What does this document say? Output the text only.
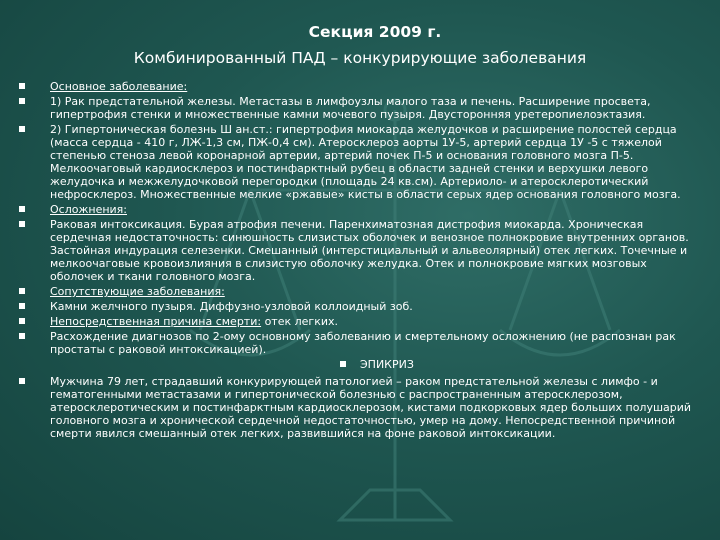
Секция 2009 г.
Комбинированный ПАД – конкурирующие заболевания
Основное заболевание:
1) Рак предстательной железы. Метастазы в лимфоузлы малого таза и печень. Расширение просвета, гипертрофия стенки и множественные камни мочевого пузыря. Двусторонняя уретеропиелоэктазия.
2) Гипертоническая болезнь Ш ан.ст.: гипертрофия миокарда желудочков и расширение полостей сердца (масса сердца - 410 г, ЛЖ-1,3 см, ПЖ-0,4 см). Атеросклероз аорты 1У-5, артерий сердца 1У -5 с тяжелой степенью стеноза левой коронарной артерии, артерий почек П-5 и основания головного мозга П-5. Мелкоочаговый кардиосклероз и постинфарктный рубец в области задней стенки и верхушки левого желудочка и межжелудочковой перегородки (площадь 24 кв.см). Артериоло- и атеросклеротический нефросклероз. Множественные мелкие «ржавые» кисты в области серых ядер основания головного мозга.
Осложнения:
Раковая интоксикация. Бурая атрофия печени. Паренхиматозная дистрофия миокарда. Хроническая сердечная недостаточность: синюшность слизистых оболочек и венозное полнокровие внутренних органов. Застойная индурация селезенки. Смешанный (интерстициальный и альвеолярный) отек легких. Точечные и мелкоочаговые кровоизлияния в слизистую оболочку желудка. Отек и полнокровие мягких мозговых оболочек и ткани головного мозга.
Сопутствующие заболевания:
Камни желчного пузыря. Диффузно-узловой коллоидный зоб.
Непосредственная причина смерти: отек легких.
Расхождение диагнозов по 2-ому основному заболеванию и смертельному осложнению (не распознан рак простаты с раковой интоксикацией).
ЭПИКРИЗ
Мужчина 79 лет, страдавший конкурирующей патологией – раком предстательной железы с лимфо - и гематогенными метастазами и гипертонической болезнью с распространенным атеросклерозом, атеросклеротическим и постинфарктным кардиосклерозом, кистами подкорковых ядер больших полушарий головного мозга и хронической сердечной недостаточностью, умер на дому. Непосредственной причиной смерти явился смешанный отек легких, развившийся на фоне раковой интоксикации.
